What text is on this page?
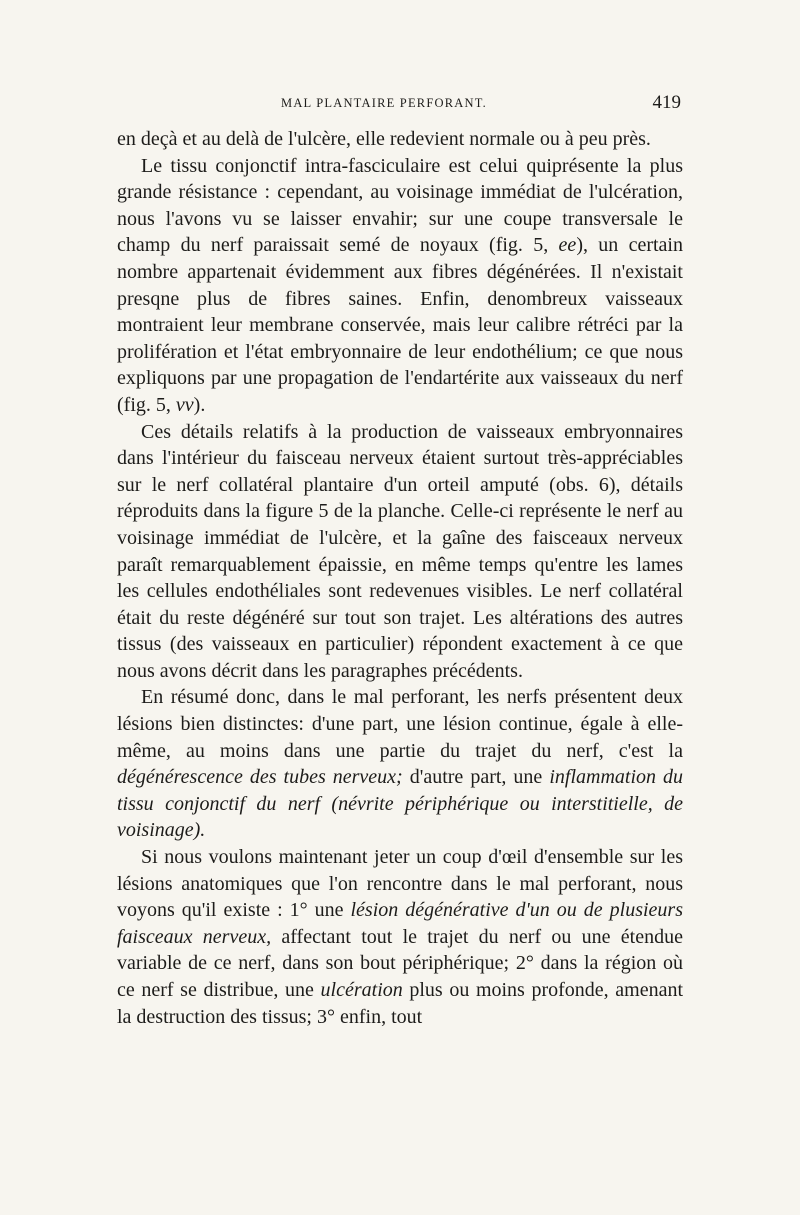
MAL PLANTAIRE PERFORANT.	419

en deçà et au delà de l'ulcère, elle redevient normale ou à peu près.

Le tissu conjonctif intra-fasciculaire est celui quiprésente la plus grande résistance : cependant, au voisinage immédiat de l'ulcération, nous l'avons vu se laisser envahir; sur une coupe transversale le champ du nerf paraissait semé de noyaux (fig. 5, ee), un certain nombre appartenait évidemment aux fibres dégénérées. Il n'existait presqne plus de fibres saines. Enfin, denombreux vaisseaux montraient leur membrane conservée, mais leur calibre rétréci par la prolifération et l'état embryonnaire de leur endothélium; ce que nous expliquons par une propagation de l'endartérite aux vaisseaux du nerf (fig. 5, vv).

Ces détails relatifs à la production de vaisseaux embryonnaires dans l'intérieur du faisceau nerveux étaient surtout très-appréciables sur le nerf collatéral plantaire d'un orteil amputé (obs. 6), détails réproduits dans la figure 5 de la planche. Celle-ci représente le nerf au voisinage immédiat de l'ulcère, et la gaîne des faisceaux nerveux paraît remarquablement épaissie, en même temps qu'entre les lames les cellules endothéliales sont redevenues visibles. Le nerf collatéral était du reste dégénéré sur tout son trajet. Les altérations des autres tissus (des vaisseaux en particulier) répondent exactement à ce que nous avons décrit dans les paragraphes précédents.

En résumé donc, dans le mal perforant, les nerfs présentent deux lésions bien distinctes: d'une part, une lésion continue, égale à elle-même, au moins dans une partie du trajet du nerf, c'est la dégénérescence des tubes nerveux; d'autre part, une inflammation du tissu conjonctif du nerf (névrite périphérique ou interstitielle, de voisinage).

Si nous voulons maintenant jeter un coup d'œil d'ensemble sur les lésions anatomiques que l'on rencontre dans le mal perforant, nous voyons qu'il existe : 1° une lésion dégénérative d'un ou de plusieurs faisceaux nerveux, affectant tout le trajet du nerf ou une étendue variable de ce nerf, dans son bout périphérique; 2° dans la région où ce nerf se distribue, une ulcération plus ou moins profonde, amenant la destruction des tissus; 3° enfin, tout
